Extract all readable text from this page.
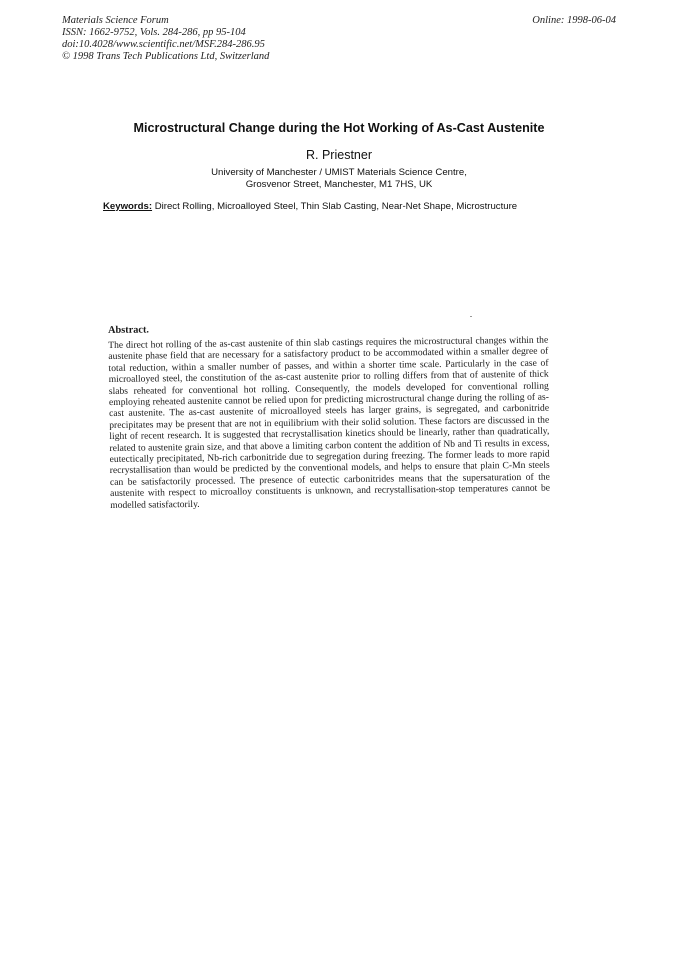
Materials Science Forum
ISSN: 1662-9752, Vols. 284-286, pp 95-104
doi:10.4028/www.scientific.net/MSF.284-286.95
© 1998 Trans Tech Publications Ltd, Switzerland
Online: 1998-06-04
Microstructural Change during the Hot Working of As-Cast Austenite
R. Priestner
University of Manchester / UMIST Materials Science Centre,
Grosvenor Street, Manchester, M1 7HS, UK
Keywords: Direct Rolling, Microalloyed Steel, Thin Slab Casting, Near-Net Shape, Microstructure

Abstract.

The direct hot rolling of the as-cast austenite of thin slab castings requires the microstructural changes within the austenite phase field that are necessary for a satisfactory product to be accommodated within a smaller degree of total reduction, within a smaller number of passes, and within a shorter time scale. Particularly in the case of microalloyed steel, the constitution of the as-cast austenite prior to rolling differs from that of austenite of thick slabs reheated for conventional hot rolling. Consequently, the models developed for conventional rolling employing reheated austenite cannot be relied upon for predicting microstructural change during the rolling of as-cast austenite. The as-cast austenite of microalloyed steels has larger grains, is segregated, and carbonitride precipitates may be present that are not in equilibrium with their solid solution. These factors are discussed in the light of recent research. It is suggested that recrystallisation kinetics should be linearly, rather than quadratically, related to austenite grain size, and that above a limiting carbon content the addition of Nb and Ti results in excess, eutectically precipitated, Nb-rich carbonitride due to segregation during freezing. The former leads to more rapid recrystallisation than would be predicted by the conventional models, and helps to ensure that plain C-Mn steels can be satisfactorily processed. The presence of eutectic carbonitrides means that the supersaturation of the austenite with respect to microalloy constituents is unknown, and recrystallisation-stop temperatures cannot be modelled satisfactorily.
